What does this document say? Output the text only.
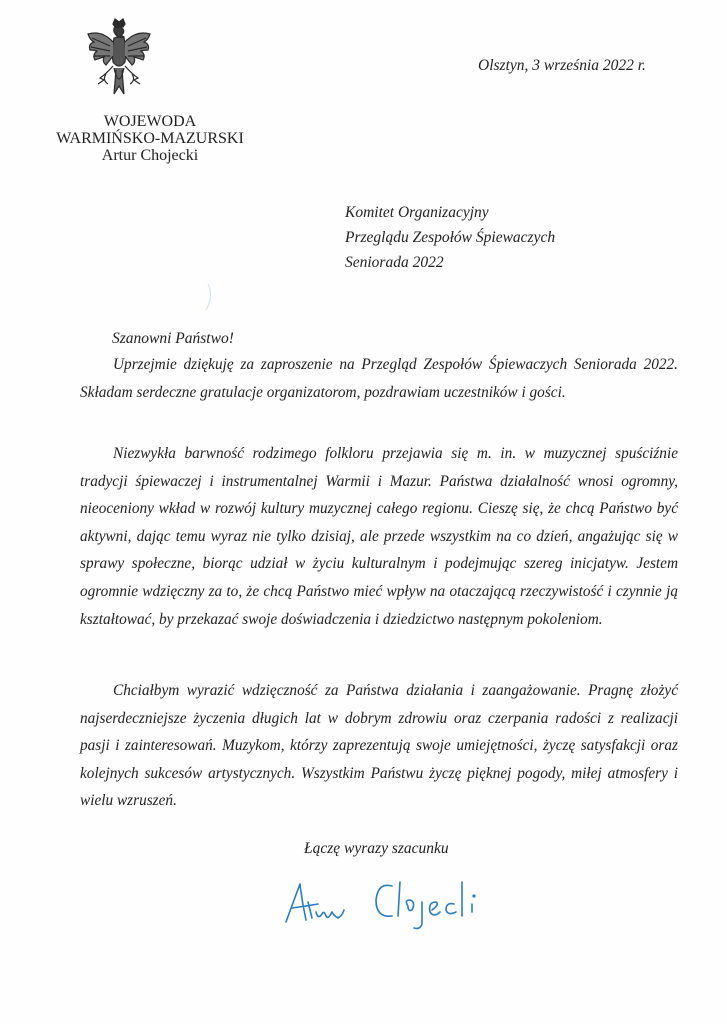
WOJEWODA
WARMIŃSKO-MAZURSKI
Artur Chojecki
Olsztyn, 3 września 2022 r.
Komitet Organizacyjny
Przeglądu Zespołów Śpiewaczych
Seniorada 2022
Szanowni Państwo!

Uprzejmie dziękuję za zaproszenie na Przegląd Zespołów Śpiewaczych Seniorada 2022. Składam serdeczne gratulacje organizatorom, pozdrawiam uczestników i gości.

Niezwykła barwność rodzimego folkloru przejawia się m. in. w muzycznej spuściźnie tradycji śpiewaczej i instrumentalnej Warmii i Mazur. Państwa działalność wnosi ogromny, nieoceniony wkład w rozwój kultury muzycznej całego regionu. Cieszę się, że chcą Państwo być aktywni, dając temu wyraz nie tylko dzisiaj, ale przede wszystkim na co dzień, angażując się w sprawy społeczne, biorąc udział w życiu kulturalnym i podejmując szereg inicjatyw. Jestem ogromnie wdzięczny za to, że chcą Państwo mieć wpływ na otaczającą rzeczywistość i czynnie ją kształtować, by przekazać swoje doświadczenia i dziedzictwo następnym pokoleniom.

Chciałbym wyrazić wdzięczność za Państwa działania i zaangażowanie. Pragnę złożyć najserdeczniejsze życzenia długich lat w dobrym zdrowiu oraz czerpania radości z realizacji pasji i zainteresowań. Muzykom, którzy zaprezentują swoje umiejętności, życzę satysfakcji oraz kolejnych sukcesów artystycznych. Wszystkim Państwu życzę pięknej pogody, miłej atmosfery i wielu wzruszeń.

Łączę wyrazy szacunku
